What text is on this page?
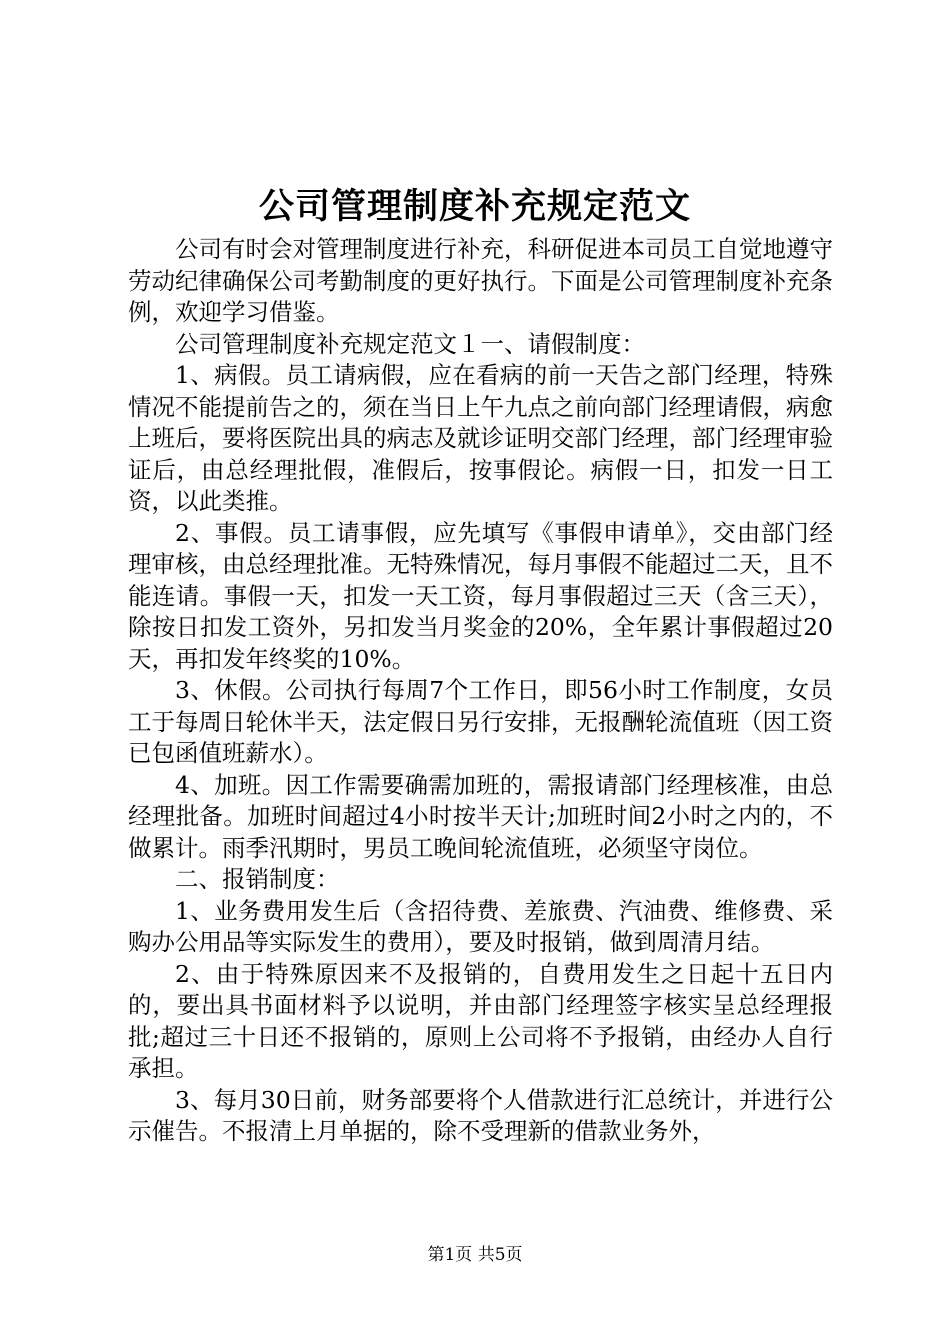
公司管理制度补充规定范文

公司有时会对管理制度进行补充，科研促进本司员工自觉地遵守劳动纪律确保公司考勤制度的更好执行。下面是公司管理制度补充条例，欢迎学习借鉴。

公司管理制度补充规定范文１一、请假制度：

1、病假。员工请病假，应在看病的前一天告之部门经理，特殊情况不能提前告之的，须在当日上午九点之前向部门经理请假，病愈上班后，要将医院出具的病志及就诊证明交部门经理，部门经理审验证后，由总经理批假，准假后，按事假论。病假一日，扣发一日工资，以此类推。

2、事假。员工请事假，应先填写《事假申请单》，交由部门经理审核，由总经理批准。无特殊情况，每月事假不能超过二天，且不能连请。事假一天，扣发一天工资，每月事假超过三天（含三天），除按日扣发工资外，另扣发当月奖金的20%，全年累计事假超过20天，再扣发年终奖的10%。

3、休假。公司执行每周7个工作日，即56小时工作制度，女员工于每周日轮休半天，法定假日另行安排，无报酬轮流值班（因工资已包函值班薪水）。

4、加班。因工作需要确需加班的，需报请部门经理核准，由总经理批备。加班时间超过4小时按半天计;加班时间2小时之内的，不做累计。雨季汛期时，男员工晚间轮流值班，必须坚守岗位。

二、报销制度：

1、业务费用发生后（含招待费、差旅费、汽油费、维修费、采购办公用品等实际发生的费用），要及时报销，做到周清月结。

2、由于特殊原因来不及报销的，自费用发生之日起十五日内的，要出具书面材料予以说明，并由部门经理签字核实呈总经理报批;超过三十日还不报销的，原则上公司将不予报销，由经办人自行承担。

3、每月30日前，财务部要将个人借款进行汇总统计，并进行公示催告。不报清上月单据的，除不受理新的借款业务外，

第1页 共5页
